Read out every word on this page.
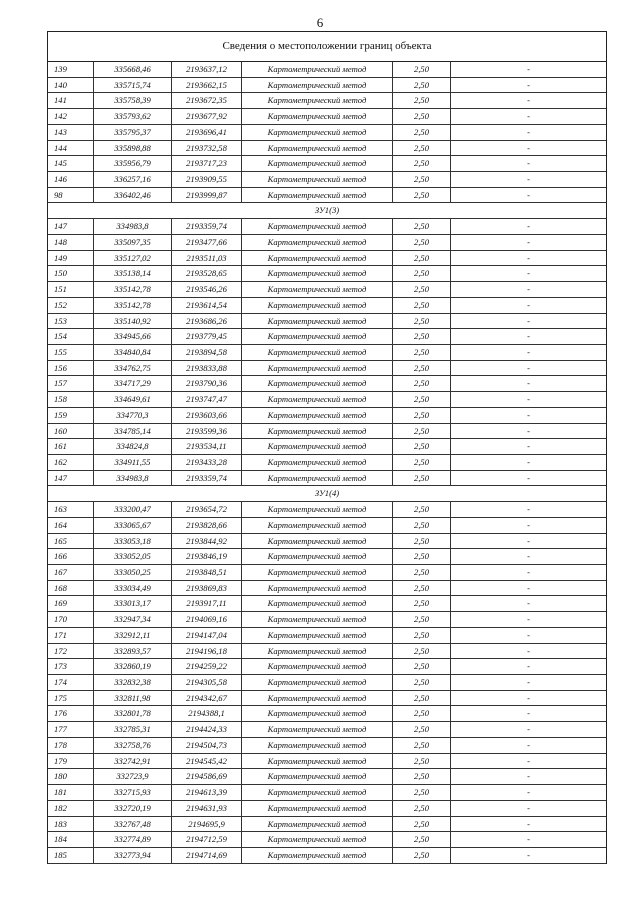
6
Сведения о местоположении границ объекта
139	335668,46	2193637,12	Картометрический метод	2,50	-
140	335715,74	2193662,15	Картометрический метод	2,50	-
141	335758,39	2193672,35	Картометрический метод	2,50	-
142	335793,62	2193677,92	Картометрический метод	2,50	-
143	335795,37	2193696,41	Картометрический метод	2,50	-
144	335898,88	2193732,58	Картометрический метод	2,50	-
145	335956,79	2193717,23	Картометрический метод	2,50	-
146	336257,16	2193909,55	Картометрический метод	2,50	-
98	336402,46	2193999,87	Картометрический метод	2,50	-
ЗУ1(3)
147	334983,8	2193359,74	Картометрический метод	2,50	-
148	335097,35	2193477,66	Картометрический метод	2,50	-
149	335127,02	2193511,03	Картометрический метод	2,50	-
150	335138,14	2193528,65	Картометрический метод	2,50	-
151	335142,78	2193546,26	Картометрический метод	2,50	-
152	335142,78	2193614,54	Картометрический метод	2,50	-
153	335140,92	2193686,26	Картометрический метод	2,50	-
154	334945,66	2193779,45	Картометрический метод	2,50	-
155	334840,84	2193894,58	Картометрический метод	2,50	-
156	334762,75	2193833,88	Картометрический метод	2,50	-
157	334717,29	2193790,36	Картометрический метод	2,50	-
158	334649,61	2193747,47	Картометрический метод	2,50	-
159	334770,3	2193603,66	Картометрический метод	2,50	-
160	334785,14	2193599,36	Картометрический метод	2,50	-
161	334824,8	2193534,11	Картометрический метод	2,50	-
162	334911,55	2193433,28	Картометрический метод	2,50	-
147	334983,8	2193359,74	Картометрический метод	2,50	-
ЗУ1(4)
163	333200,47	2193654,72	Картометрический метод	2,50	-
164	333065,67	2193828,66	Картометрический метод	2,50	-
165	333053,18	2193844,92	Картометрический метод	2,50	-
166	333052,05	2193846,19	Картометрический метод	2,50	-
167	333050,25	2193848,51	Картометрический метод	2,50	-
168	333034,49	2193869,83	Картометрический метод	2,50	-
169	333013,17	2193917,11	Картометрический метод	2,50	-
170	332947,34	2194069,16	Картометрический метод	2,50	-
171	332912,11	2194147,04	Картометрический метод	2,50	-
172	332893,57	2194196,18	Картометрический метод	2,50	-
173	332860,19	2194259,22	Картометрический метод	2,50	-
174	332832,38	2194305,58	Картометрический метод	2,50	-
175	332811,98	2194342,67	Картометрический метод	2,50	-
176	332801,78	2194388,1	Картометрический метод	2,50	-
177	332785,31	2194424,33	Картометрический метод	2,50	-
178	332758,76	2194504,73	Картометрический метод	2,50	-
179	332742,91	2194545,42	Картометрический метод	2,50	-
180	332723,9	2194586,69	Картометрический метод	2,50	-
181	332715,93	2194613,39	Картометрический метод	2,50	-
182	332720,19	2194631,93	Картометрический метод	2,50	-
183	332767,48	2194695,9	Картометрический метод	2,50	-
184	332774,89	2194712,59	Картометрический метод	2,50	-
185	332773,94	2194714,69	Картометрический метод	2,50	-
